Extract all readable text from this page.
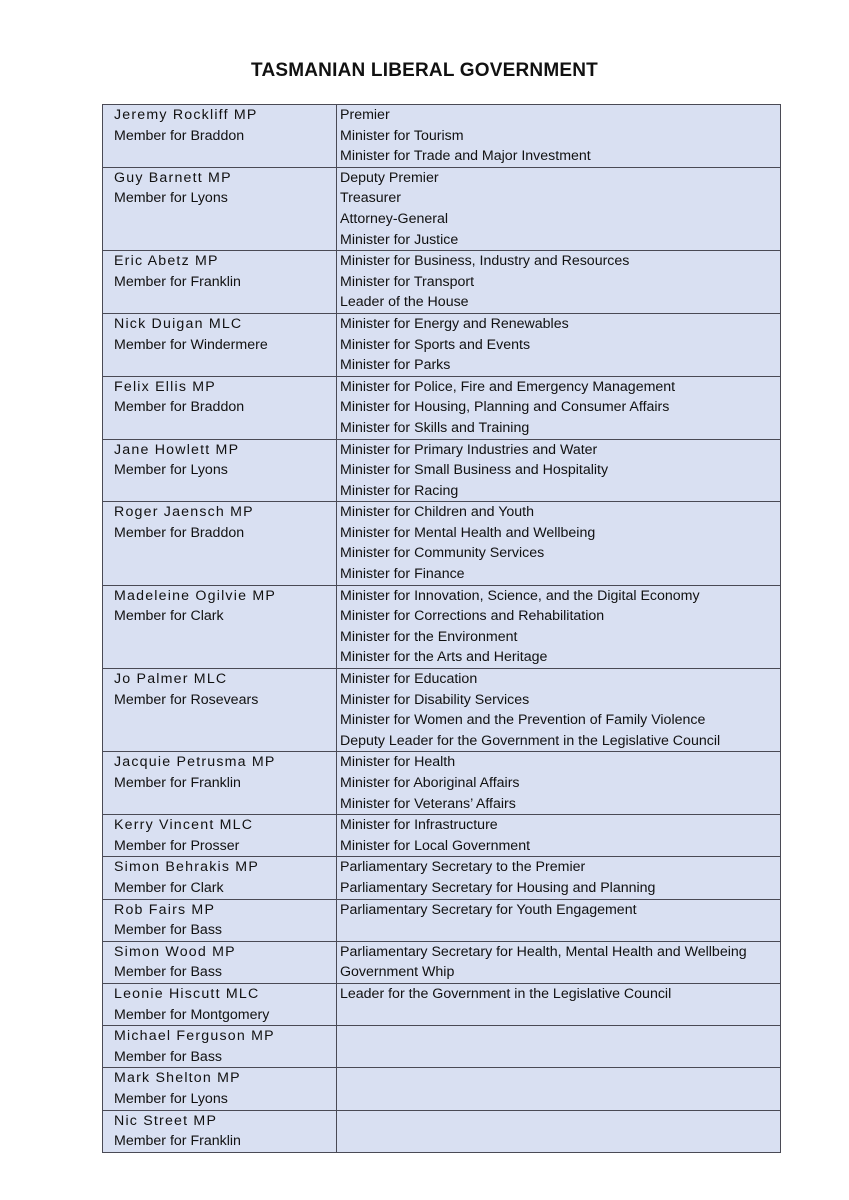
TASMANIAN LIBERAL GOVERNMENT
Jeremy Rockliff MP
Member for Braddon	Premier
Minister for Tourism
Minister for Trade and Major Investment

Guy Barnett MP
Member for Lyons	Deputy Premier
Treasurer
Attorney-General
Minister for Justice

Eric Abetz MP
Member for Franklin	Minister for Business, Industry and Resources
Minister for Transport
Leader of the House

Nick Duigan MLC
Member for Windermere	Minister for Energy and Renewables
Minister for Sports and Events
Minister for Parks

Felix Ellis MP
Member for Braddon	Minister for Police, Fire and Emergency Management
Minister for Housing, Planning and Consumer Affairs
Minister for Skills and Training

Jane Howlett MP
Member for Lyons	Minister for Primary Industries and Water
Minister for Small Business and Hospitality
Minister for Racing

Roger Jaensch MP
Member for Braddon	Minister for Children and Youth
Minister for Mental Health and Wellbeing
Minister for Community Services
Minister for Finance

Madeleine Ogilvie MP
Member for Clark	Minister for Innovation, Science, and the Digital Economy
Minister for Corrections and Rehabilitation
Minister for the Environment
Minister for the Arts and Heritage

Jo Palmer MLC
Member for Rosevears	Minister for Education
Minister for Disability Services
Minister for Women and the Prevention of Family Violence
Deputy Leader for the Government in the Legislative Council

Jacquie Petrusma MP
Member for Franklin	Minister for Health
Minister for Aboriginal Affairs
Minister for Veterans’ Affairs

Kerry Vincent MLC
Member for Prosser	Minister for Infrastructure
Minister for Local Government

Simon Behrakis MP
Member for Clark	Parliamentary Secretary to the Premier
Parliamentary Secretary for Housing and Planning

Rob Fairs MP
Member for Bass	Parliamentary Secretary for Youth Engagement

Simon Wood MP
Member for Bass	Parliamentary Secretary for Health, Mental Health and Wellbeing
Government Whip

Leonie Hiscutt MLC
Member for Montgomery	Leader for the Government in the Legislative Council

Michael Ferguson MP
Member for Bass	

Mark Shelton MP
Member for Lyons	

Nic Street MP
Member for Franklin	
